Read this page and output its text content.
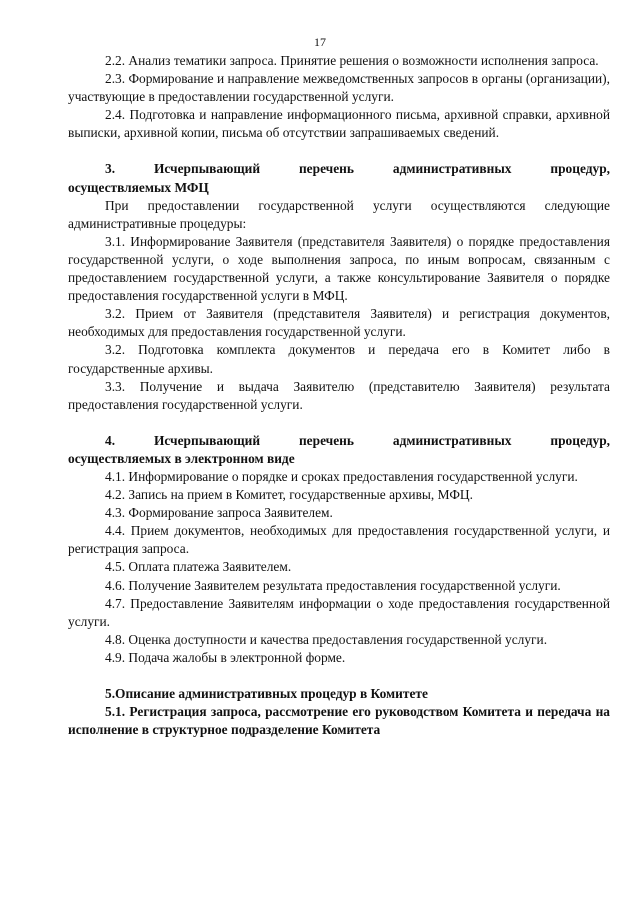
17

2.2. Анализ тематики запроса. Принятие решения о возможности исполнения запроса.

2.3. Формирование и направление межведомственных запросов в органы (организации), участвующие в предоставлении государственной услуги.

2.4. Подготовка и направление информационного письма, архивной справки, архивной выписки, архивной копии, письма об отсутствии запрашиваемых сведений.

3. Исчерпывающий перечень административных процедур,

осуществляемых МФЦ

При предоставлении государственной услуги осуществляются следующие административные процедуры:

3.1. Информирование Заявителя (представителя Заявителя) о порядке предоставления государственной услуги, о ходе выполнения запроса, по иным вопросам, связанным с предоставлением государственной услуги, а также консультирование Заявителя о порядке предоставления государственной услуги в МФЦ.

3.2. Прием от Заявителя (представителя Заявителя) и регистрация документов, необходимых для предоставления государственной услуги.

3.2. Подготовка комплекта документов и передача его в Комитет либо в государственные архивы.

3.3. Получение и выдача Заявителю (представителю Заявителя) результата предоставления государственной услуги.

4. Исчерпывающий перечень административных процедур,

осуществляемых в электронном виде

4.1. Информирование о порядке и сроках предоставления государственной услуги.

4.2. Запись на прием в Комитет, государственные архивы, МФЦ.

4.3. Формирование запроса Заявителем.

4.4. Прием документов, необходимых для предоставления государственной услуги, и регистрация запроса.

4.5. Оплата платежа Заявителем.

4.6. Получение Заявителем результата предоставления государственной услуги.

4.7. Предоставление Заявителям информации о ходе предоставления государственной услуги.

4.8. Оценка доступности и качества предоставления государственной услуги.

4.9. Подача жалобы в электронной форме.

5.Описание административных процедур в Комитете

5.1. Регистрация запроса, рассмотрение его руководством Комитета и передача на исполнение в структурное подразделение Комитета
